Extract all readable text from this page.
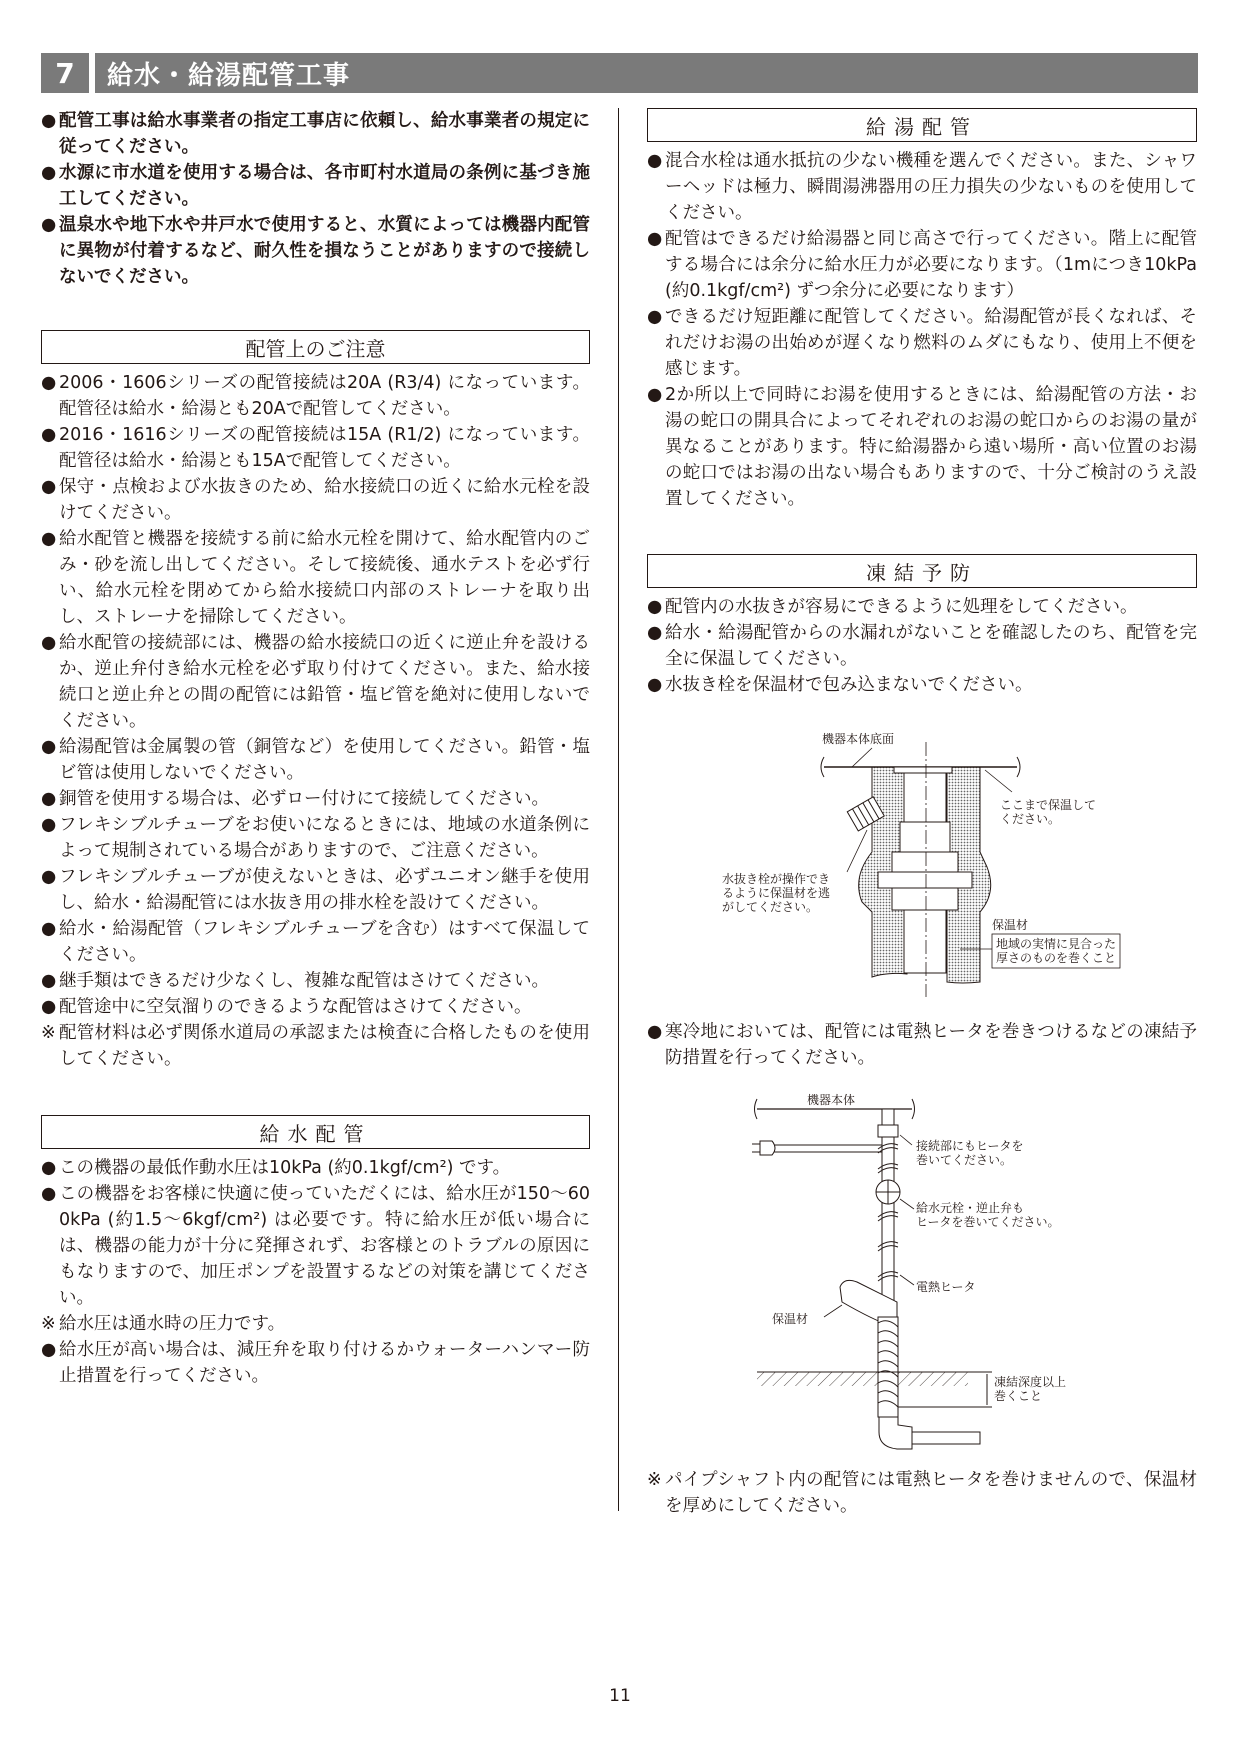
7	給水・給湯配管工事
● 配管工事は給水事業者の指定工事店に依頼し、給水事業者の規定に従ってください。
● 水源に市水道を使用する場合は、各市町村水道局の条例に基づき施工してください。
● 温泉水や地下水や井戸水で使用すると、水質によっては機器内配管に異物が付着するなど、耐久性を損なうことがありますので接続しないでください。
配管上のご注意
● 2006・1606シリーズの配管接続は20A (R3/4) になっています。配管径は給水・給湯とも20Aで配管してください。
● 2016・1616シリーズの配管接続は15A (R1/2) になっています。配管径は給水・給湯とも15Aで配管してください。
● 保守・点検および水抜きのため、給水接続口の近くに給水元栓を設けてください。
● 給水配管と機器を接続する前に給水元栓を開けて、給水配管内のごみ・砂を流し出してください。そして接続後、通水テストを必ず行い、給水元栓を閉めてから給水接続口内部のストレーナを取り出し、ストレーナを掃除してください。
● 給水配管の接続部には、機器の給水接続口の近くに逆止弁を設けるか、逆止弁付き給水元栓を必ず取り付けてください。また、給水接続口と逆止弁との間の配管には鉛管・塩ビ管を絶対に使用しないでください。
● 給湯配管は金属製の管（銅管など）を使用してください。鉛管・塩ビ管は使用しないでください。
● 銅管を使用する場合は、必ずロー付けにて接続してください。
● フレキシブルチューブをお使いになるときには、地域の水道条例によって規制されている場合がありますので、ご注意ください。
● フレキシブルチューブが使えないときは、必ずユニオン継手を使用し、給水・給湯配管には水抜き用の排水栓を設けてください。
● 給水・給湯配管（フレキシブルチューブを含む）はすべて保温してください。
● 継手類はできるだけ少なくし、複雑な配管はさけてください。
● 配管途中に空気溜りのできるような配管はさけてください。
※ 配管材料は必ず関係水道局の承認または検査に合格したものを使用してください。
給水配管
● この機器の最低作動水圧は10kPa (約0.1kgf/cm²) です。
● この機器をお客様に快適に使っていただくには、給水圧が150～600kPa (約1.5～6kgf/cm²) は必要です。特に給水圧が低い場合には、機器の能力が十分に発揮されず、お客様とのトラブルの原因にもなりますので、加圧ポンプを設置するなどの対策を講じてください。
※ 給水圧は通水時の圧力です。
● 給水圧が高い場合は、減圧弁を取り付けるかウォーターハンマー防止措置を行ってください。
給湯配管
● 混合水栓は通水抵抗の少ない機種を選んでください。また、シャワーヘッドは極力、瞬間湯沸器用の圧力損失の少ないものを使用してください。
● 配管はできるだけ給湯器と同じ高さで行ってください。階上に配管する場合には余分に給水圧力が必要になります。（1mにつき10kPa (約0.1kgf/cm²) ずつ余分に必要になります）
● できるだけ短距離に配管してください。給湯配管が長くなれば、それだけお湯の出始めが遅くなり燃料のムダにもなり、使用上不便を感じます。
● 2か所以上で同時にお湯を使用するときには、給湯配管の方法・お湯の蛇口の開具合によってそれぞれのお湯の蛇口からのお湯の量が異なることがあります。特に給湯器から遠い場所・高い位置のお湯の蛇口ではお湯の出ない場合もありますので、十分ご検討のうえ設置してください。
凍結予防
● 配管内の水抜きが容易にできるように処理をしてください。
● 給水・給湯配管からの水漏れがないことを確認したのち、配管を完全に保温してください。
● 水抜き栓を保温材で包み込まないでください。
機器本体底面
ここまで保温して
ください。
水抜き栓が操作でき
るように保温材を逃
がしてください。
保温材
地域の実情に見合った
厚さのものを巻くこと
● 寒冷地においては、配管には電熱ヒータを巻きつけるなどの凍結予防措置を行ってください。
機器本体
接続部にもヒータを
巻いてください。
給水元栓・逆止弁も
ヒータを巻いてください。
電熱ヒータ
保温材
凍結深度以上
巻くこと
※ パイプシャフト内の配管には電熱ヒータを巻けませんので、保温材を厚めにしてください。
11
